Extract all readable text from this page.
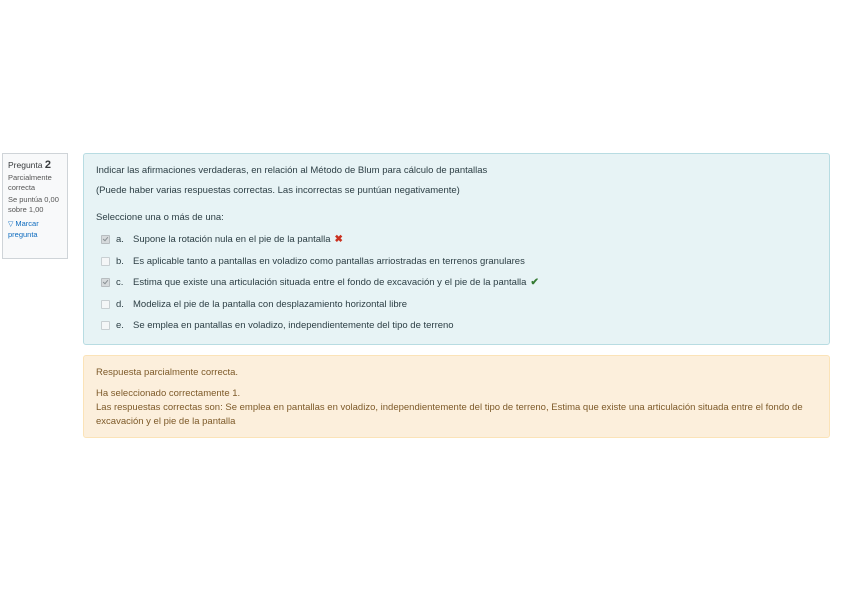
Pregunta 2
Parcialmente correcta
Se puntúa 0,00 sobre 1,00
▽ Marcar pregunta

Indicar las afirmaciones verdaderas, en relación al Método de Blum para cálculo de pantallas

(Puede haber varias respuestas correctas. Las incorrectas se puntúan negativamente)

Seleccione una o más de una:
a. Supone la rotación nula en el pie de la pantalla ✖
b. Es aplicable tanto a pantallas en voladizo como pantallas arriostradas en terrenos granulares
c.	Estima que existe una articulación situada entre el fondo de excavación y el pie de la pantalla ✔
d. Modeliza el pie de la pantalla con desplazamiento horizontal libre
e. Se emplea en pantallas en voladizo, independientemente del tipo de terreno
Respuesta parcialmente correcta.
Ha seleccionado correctamente 1.
Las respuestas correctas son: Se emplea en pantallas en voladizo, independientemente del tipo de terreno, Estima que existe una articulación situada entre el fondo de excavación y el pie de la pantalla
